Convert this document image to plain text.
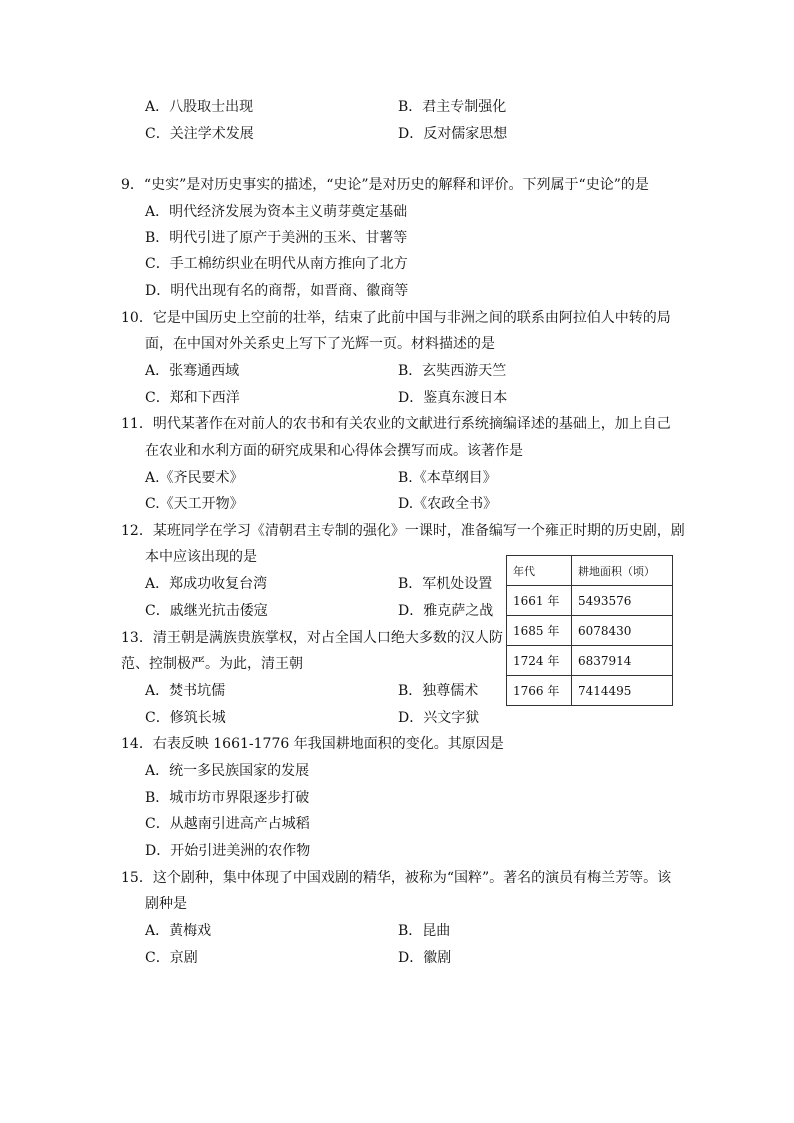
A．八股取士出现	B．君主专制强化
C．关注学术发展	D．反对儒家思想
9．“史实”是对历史事实的描述，“史论”是对历史的解释和评价。下列属于“史论”的是
A．明代经济发展为资本主义萌芽奠定基础
B．明代引进了原产于美洲的玉米、甘薯等
C．手工棉纺织业在明代从南方推向了北方
D．明代出现有名的商帮，如晋商、徽商等
10．它是中国历史上空前的壮举，结束了此前中国与非洲之间的联系由阿拉伯人中转的局
面，在中国对外关系史上写下了光辉一页。材料描述的是
A．张骞通西域	B．玄奘西游天竺
C．郑和下西洋	D．鉴真东渡日本
11．明代某著作在对前人的农书和有关农业的文献进行系统摘编译述的基础上，加上自己
在农业和水利方面的研究成果和心得体会撰写而成。该著作是
A.《齐民要术》	B.《本草纲目》
C.《天工开物》	D.《农政全书》
12．某班同学在学习《清朝君主专制的强化》一课时，准备编写一个雍正时期的历史剧，剧
本中应该出现的是
A．郑成功收复台湾	B．军机处设置
C．戚继光抗击倭寇	D．雅克萨之战
13．清王朝是满族贵族掌权，对占全国人口绝大多数的汉人防
范、控制极严。为此，清王朝
A．焚书坑儒	B．独尊儒术
C．修筑长城	D．兴文字狱
14．右表反映 1661-1776 年我国耕地面积的变化。其原因是
A．统一多民族国家的发展
B．城市坊市界限逐步打破
C．从越南引进高产占城稻
D．开始引进美洲的农作物
15．这个剧种，集中体现了中国戏剧的精华，被称为“国粹”。著名的演员有梅兰芳等。该
剧种是
A．黄梅戏	B．昆曲
C．京剧	D．徽剧
年代	耕地面积（顷）
1661 年	5493576
1685 年	6078430
1724 年	6837914
1766 年	7414495
